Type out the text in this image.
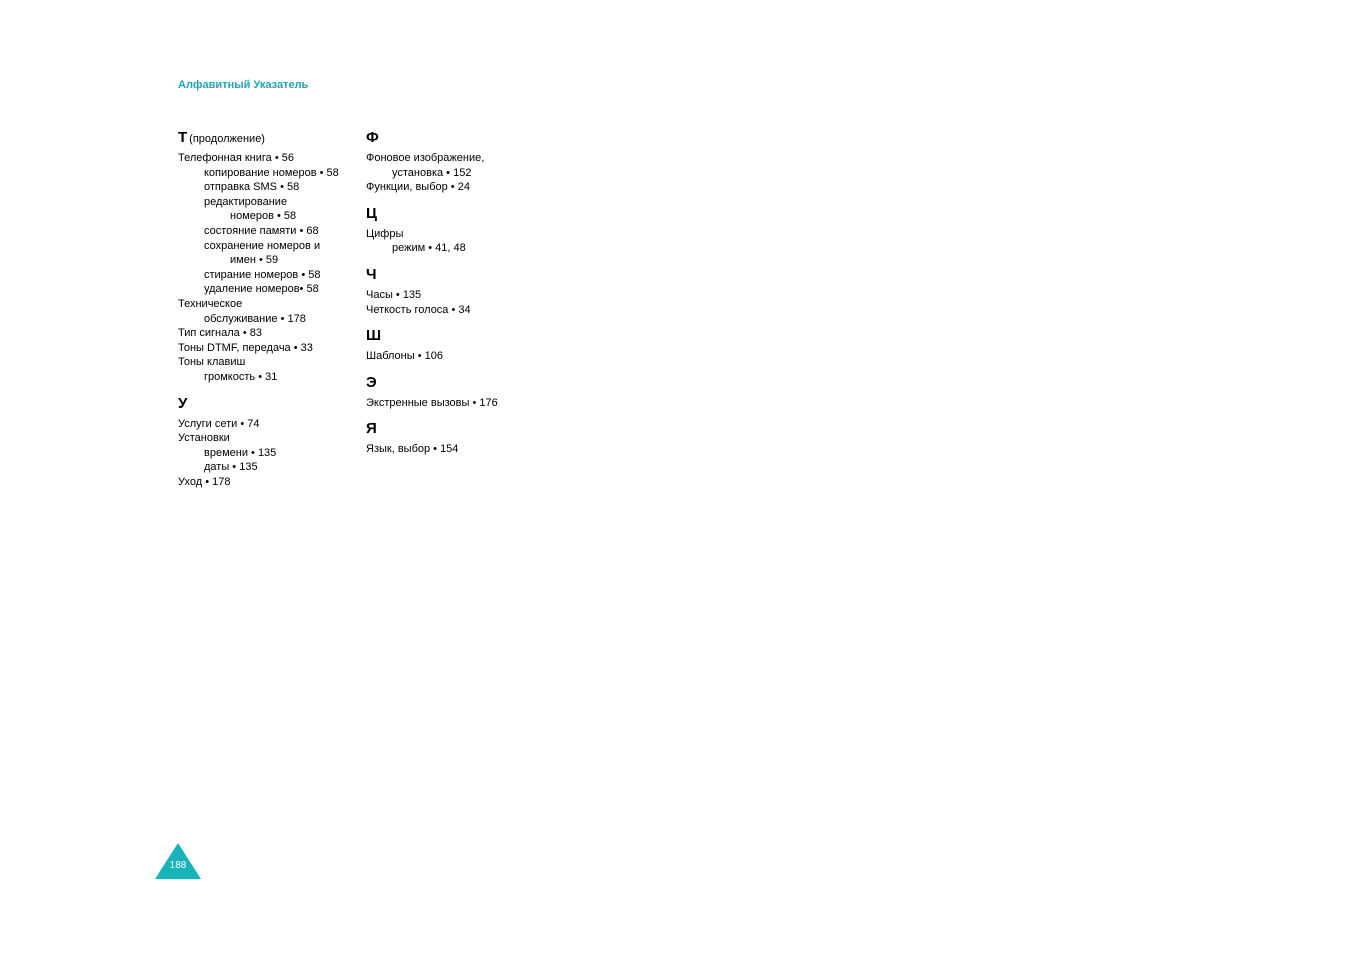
Алфавитный Указатель
Т (продолжение)
Телефонная книга • 56
копирование номеров • 58
отправка SMS • 58
редактирование
номеров • 58
состояние памяти • 68
сохранение номеров и
имен • 59
стирание номеров • 58
удаление номеров• 58
Техническое
обслуживание • 178
Тип сигнала • 83
Тоны DTMF, передача • 33
Тоны клавиш
громкость • 31
У
Услуги сети • 74
Установки
времени • 135
даты • 135
Уход • 178
Ф
Фоновое изображение,
установка • 152
Функции, выбор • 24
Ц
Цифры
режим • 41, 48
Ч
Часы • 135
Четкость голоса • 34
Ш
Шаблоны • 106
Э
Экстренные вызовы • 176
Я
Язык, выбор • 154
188
